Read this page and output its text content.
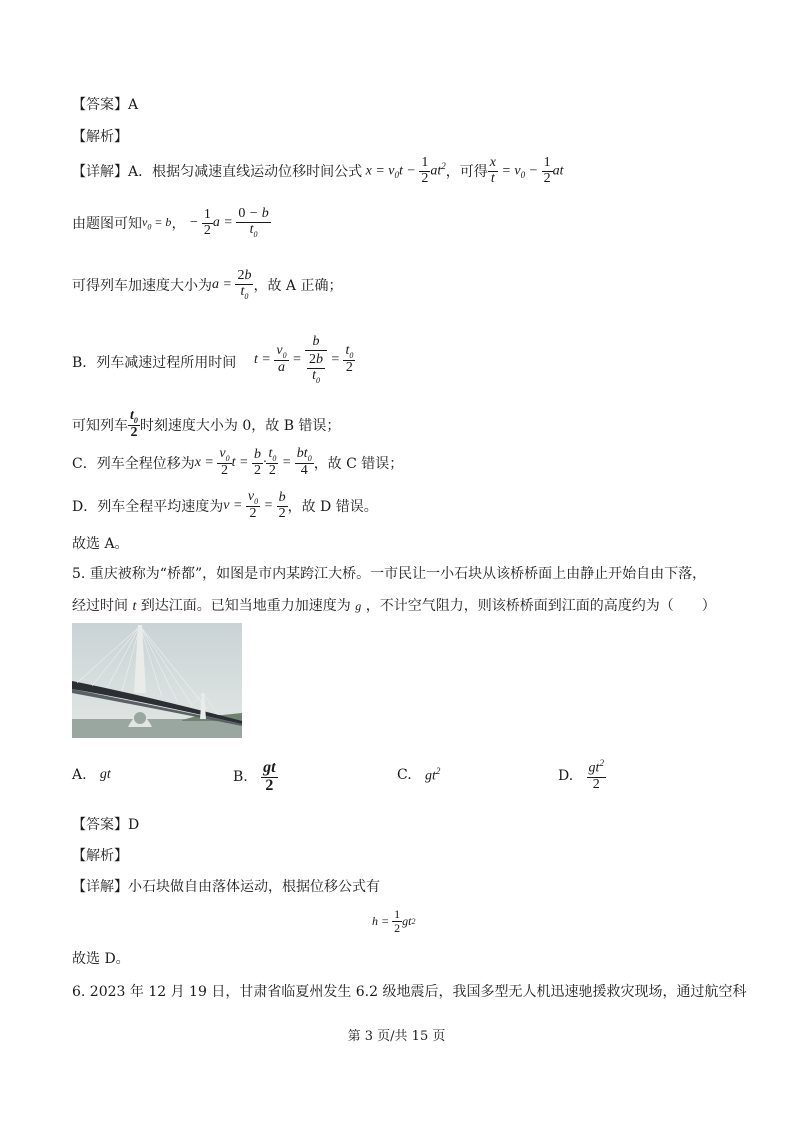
【答案】A
【解析】
【详解】A．根据匀减速直线运动位移时间公式 $x = v_0t - \frac{1}{2} at^2$ ，可得 $\frac{x}{t} = v_0 - \frac{1}{2}$ at
由题图可知 $v_0 = b$ ， − $\frac{1}{2}$ $a = \frac{0 - b}{t_0}$
可得列车加速度大小为 $a = \frac{2b}{t_0}$ ，故 A 正确；
B．列车减速过程所用时间 $t = \frac{v_0}{a} = \frac{b}{\frac{2b}{t_0}} = \frac{t_0}{2}$
可知列车 $\frac{t_0}{2}$ 时刻速度大小为 0，故 B 错误；
C．列车全程位移为 $x = \frac{v_0}{2}$ $t = \frac{b}{2} \cdot \frac{t_0}{2} = \frac{bt_0}{4}$ ，故 C 错误；
D．列车全程平均速度为 $v = \frac{v_0}{2} = \frac{b}{2}$ ，故 D 错误。
故选 A。
5. 重庆被称为“桥都”，如图是市内某跨江大桥。一市民让一小石块从该桥桥面上由静止开始自由下落，
经过时间 t 到达江面。已知当地重力加速度为 g ，不计空气阻力，则该桥桥面到江面的高度约为（　　）
A.
gt	B.
$\frac{gt}{2}$	C.
$gt^2$	D.
$\frac{gt^2}{2}$
【答案】D
【解析】
【详解】小石块做自由落体运动，根据位移公式有
$h = \frac{1}{2}$ gt 2
故选 D。
6. 2023 年 12 月 19 日，甘肃省临夏州发生 6.2 级地震后，我国多型无人机迅速驰援救灾现场，通过航空科
第 3 页/共 15 页
